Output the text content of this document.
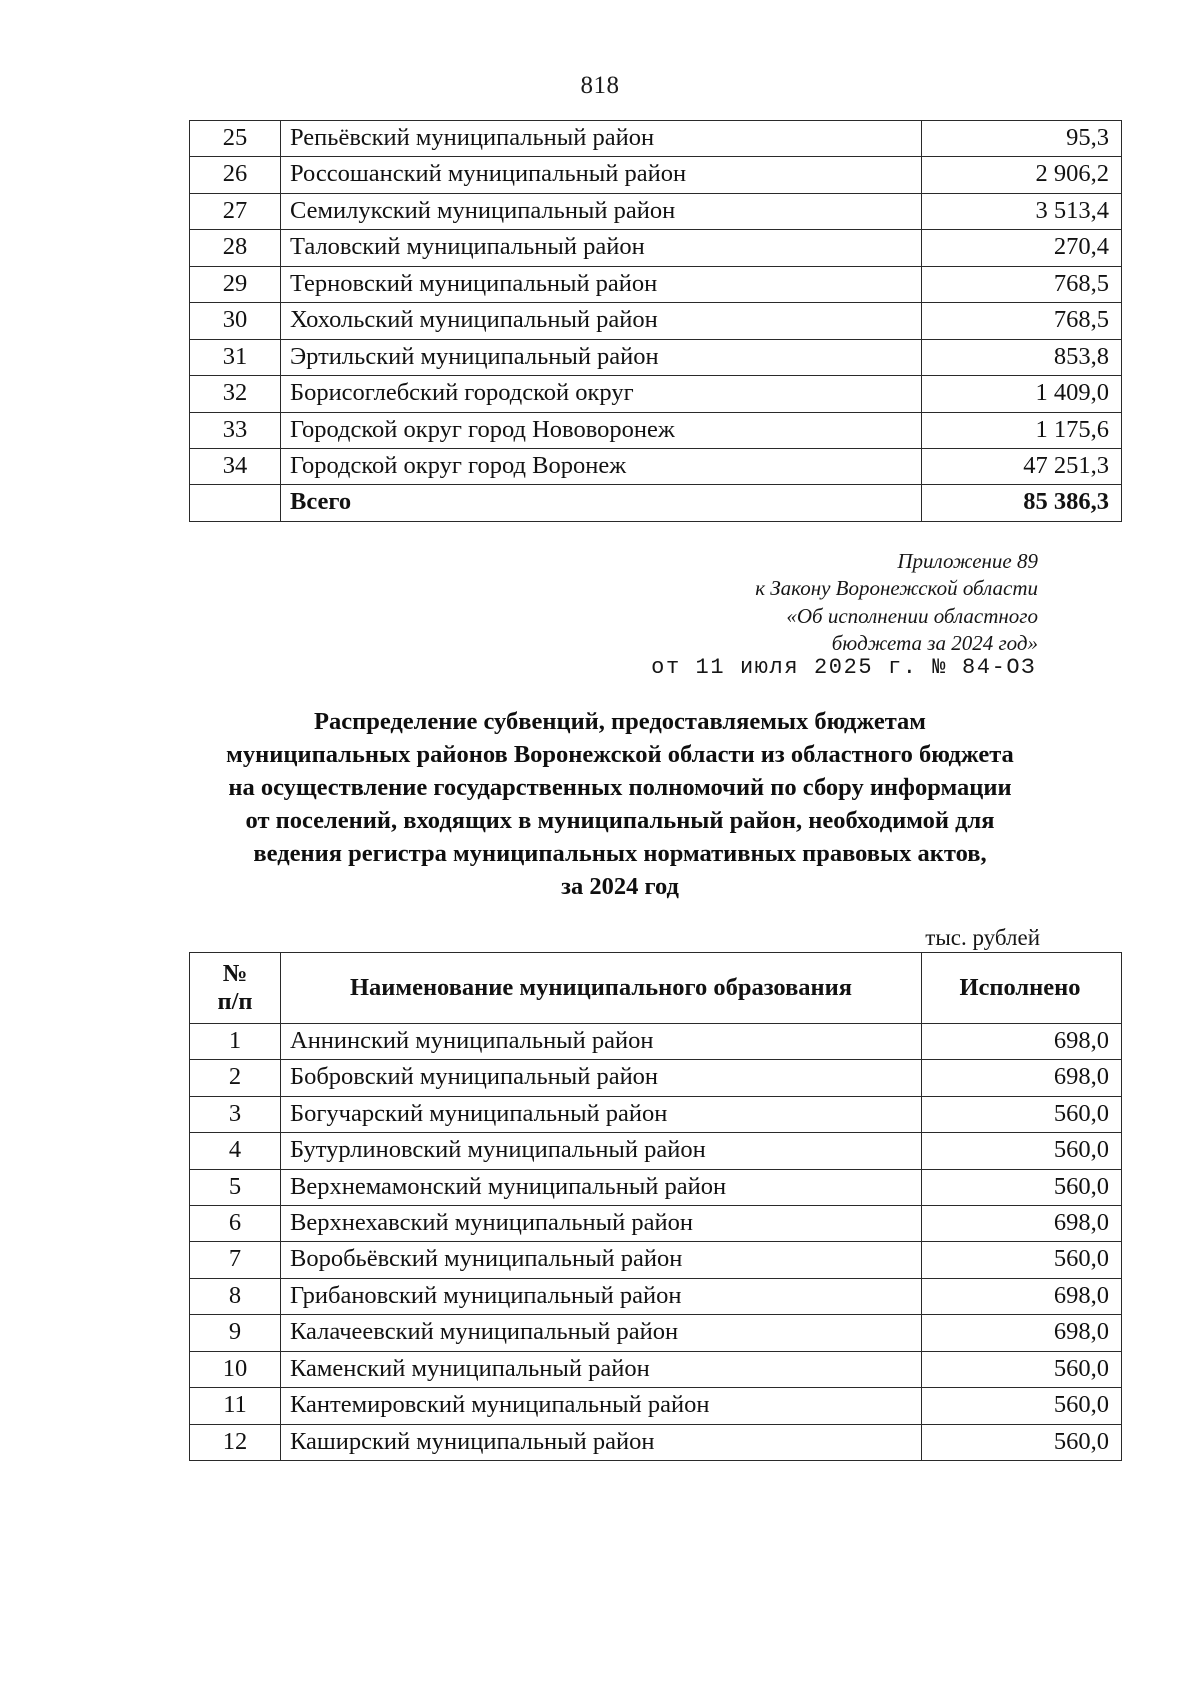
818
25	Репьёвский муниципальный район	95,3
26	Россошанский муниципальный район	2 906,2
27	Семилукский муниципальный район	3 513,4
28	Таловский муниципальный район	270,4
29	Терновский муниципальный район	768,5
30	Хохольский муниципальный район	768,5
31	Эртильский муниципальный район	853,8
32	Борисоглебский городской округ	1 409,0
33	Городской округ город Нововоронеж	1 175,6
34	Городской округ город Воронеж	47 251,3
	Всего	85 386,3
Приложение 89
к Закону Воронежской области
«Об исполнении областного
бюджета за 2024 год»
от 11 июля 2025 г. № 84-ОЗ
Распределение субвенций, предоставляемых бюджетам
муниципальных районов Воронежской области из областного бюджета
на осуществление государственных полномочий по сбору информации
от поселений, входящих в муниципальный район, необходимой для
ведения регистра муниципальных нормативных правовых актов,
за 2024 год
тыс. рублей
№
п/п	Наименование муниципального образования	Исполнено
1	Аннинский муниципальный район	698,0
2	Бобровский муниципальный район	698,0
3	Богучарский муниципальный район	560,0
4	Бутурлиновский муниципальный район	560,0
5	Верхнемамонский муниципальный район	560,0
6	Верхнехавский муниципальный район	698,0
7	Воробьёвский муниципальный район	560,0
8	Грибановский муниципальный район	698,0
9	Калачеевский муниципальный район	698,0
10	Каменский муниципальный район	560,0
11	Кантемировский муниципальный район	560,0
12	Каширский муниципальный район	560,0
